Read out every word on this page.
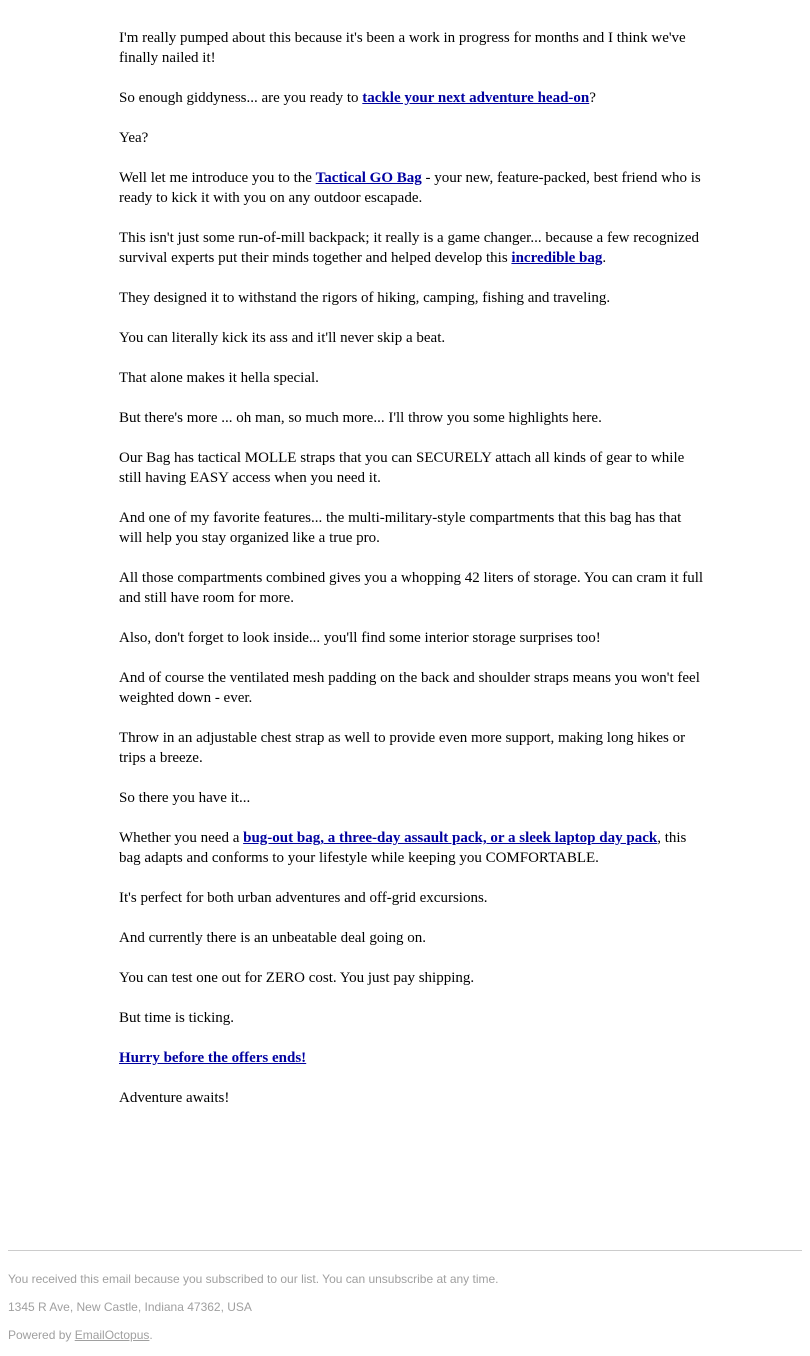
I'm really pumped about this because it's been a work in progress for months and I think we've finally nailed it!

So enough giddyness... are you ready to tackle your next adventure head-on?

Yea?

Well let me introduce you to the Tactical GO Bag - your new, feature-packed, best friend who is ready to kick it with you on any outdoor escapade.

This isn't just some run-of-mill backpack; it really is a game changer... because a few recognized survival experts put their minds together and helped develop this incredible bag.

They designed it to withstand the rigors of hiking, camping, fishing and traveling.

You can literally kick its ass and it'll never skip a beat.

That alone makes it hella special.

But there's more ... oh man, so much more... I'll throw you some highlights here.

Our Bag has tactical MOLLE straps that you can SECURELY attach all kinds of gear to while still having EASY access when you need it.

And one of my favorite features... the multi-military-style compartments that this bag has that will help you stay organized like a true pro.

All those compartments combined gives you a whopping 42 liters of storage. You can cram it full and still have room for more.

Also, don't forget to look inside... you'll find some interior storage surprises too!

And of course the ventilated mesh padding on the back and shoulder straps means you won't feel weighted down - ever.

Throw in an adjustable chest strap as well to provide even more support, making long hikes or trips a breeze.

So there you have it...

Whether you need a bug-out bag, a three-day assault pack, or a sleek laptop day pack, this bag adapts and conforms to your lifestyle while keeping you COMFORTABLE.

It's perfect for both urban adventures and off-grid excursions.

And currently there is an unbeatable deal going on.

You can test one out for ZERO cost. You just pay shipping.

But time is ticking.

Hurry before the offers ends!

Adventure awaits!

You received this email because you subscribed to our list. You can unsubscribe at any time.
1345 R Ave, New Castle, Indiana 47362, USA
Powered by EmailOctopus.
